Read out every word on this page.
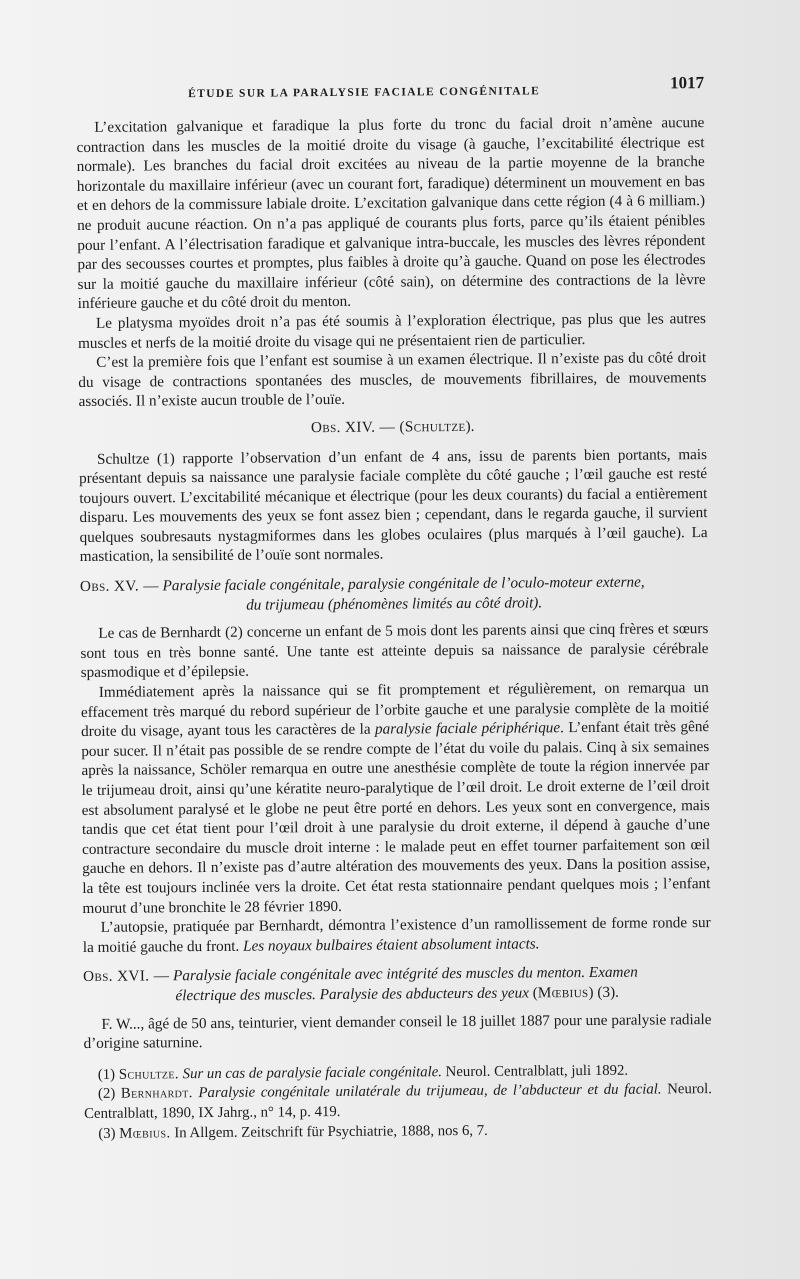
ÉTUDE SUR LA PARALYSIE FACIALE CONGÉNITALE
1017

L’excitation galvanique et faradique la plus forte du tronc du facial droit n’amène aucune contraction dans les muscles de la moitié droite du visage (à gauche, l’excitabilité électrique est normale). Les branches du facial droit excitées au niveau de la partie moyenne de la branche horizontale du maxillaire inférieur (avec un courant fort, faradique) déterminent un mouvement en bas et en dehors de la commissure labiale droite. L’excitation galvanique dans cette région (4 à 6 milliam.) ne produit aucune réaction. On n’a pas appliqué de courants plus forts, parce qu’ils étaient pénibles pour l’enfant. A l’électrisation faradique et galvanique intra-buccale, les muscles des lèvres répondent par des secousses courtes et promptes, plus faibles à droite qu’à gauche. Quand on pose les électrodes sur la moitié gauche du maxillaire inférieur (côté sain), on détermine des contractions de la lèvre inférieure gauche et du côté droit du menton.

Le platysma myoïdes droit n’a pas été soumis à l’exploration électrique, pas plus que les autres muscles et nerfs de la moitié droite du visage qui ne présentaient rien de particulier.

C’est la première fois que l’enfant est soumise à un examen électrique. Il n’existe pas du côté droit du visage de contractions spontanées des muscles, de mouvements fibrillaires, de mouvements associés. Il n’existe aucun trouble de l’ouïe.

Obs. XIV. — (Schultze).

Schultze (1) rapporte l’observation d’un enfant de 4 ans, issu de parents bien portants, mais présentant depuis sa naissance une paralysie faciale complète du côté gauche ; l’œil gauche est resté toujours ouvert. L’excitabilité mécanique et électrique (pour les deux courants) du facial a entièrement disparu. Les mouvements des yeux se font assez bien ; cependant, dans le regarda gauche, il survient quelques soubresauts nystagmiformes dans les globes oculaires (plus marqués à l’œil gauche). La mastication, la sensibilité de l’ouïe sont normales.

Obs. XV. — Paralysie faciale congénitale, paralysie congénitale de l’oculo-moteur externe,
du trijumeau (phénomènes limités au côté droit).

Le cas de Bernhardt (2) concerne un enfant de 5 mois dont les parents ainsi que cinq frères et sœurs sont tous en très bonne santé. Une tante est atteinte depuis sa naissance de paralysie cérébrale spasmodique et d’épilepsie.

Immédiatement après la naissance qui se fit promptement et régulièrement, on remarqua un effacement très marqué du rebord supérieur de l’orbite gauche et une paralysie complète de la moitié droite du visage, ayant tous les caractères de la paralysie faciale périphérique. L’enfant était très gêné pour sucer. Il n’était pas possible de se rendre compte de l’état du voile du palais. Cinq à six semaines après la naissance, Schöler remarqua en outre une anesthésie complète de toute la région innervée par le trijumeau droit, ainsi qu’une kératite neuro-paralytique de l’œil droit. Le droit externe de l’œil droit est absolument paralysé et le globe ne peut être porté en dehors. Les yeux sont en convergence, mais tandis que cet état tient pour l’œil droit à une paralysie du droit externe, il dépend à gauche d’une contracture secondaire du muscle droit interne : le malade peut en effet tourner parfaitement son œil gauche en dehors. Il n’existe pas d’autre altération des mouvements des yeux. Dans la position assise, la tête est toujours inclinée vers la droite. Cet état resta stationnaire pendant quelques mois ; l’enfant mourut d’une bronchite le 28 février 1890.

L’autopsie, pratiquée par Bernhardt, démontra l’existence d’un ramollissement de forme ronde sur la moitié gauche du front. Les noyaux bulbaires étaient absolument intacts.

Obs. XVI. — Paralysie faciale congénitale avec intégrité des muscles du menton. Examen
électrique des muscles. Paralysie des abducteurs des yeux (Mœbius) (3).

F. W..., âgé de 50 ans, teinturier, vient demander conseil le 18 juillet 1887 pour une paralysie radiale d’origine saturnine.

(1) Schultze. Sur un cas de paralysie faciale congénitale. Neurol. Centralblatt, juli 1892.

(2) Bernhardt. Paralysie congénitale unilatérale du trijumeau, de l’abducteur et du facial. Neurol. Centralblatt, 1890, IX Jahrg., n° 14, p. 419.

(3) Mœbius. In Allgem. Zeitschrift für Psychiatrie, 1888, nos 6, 7.
